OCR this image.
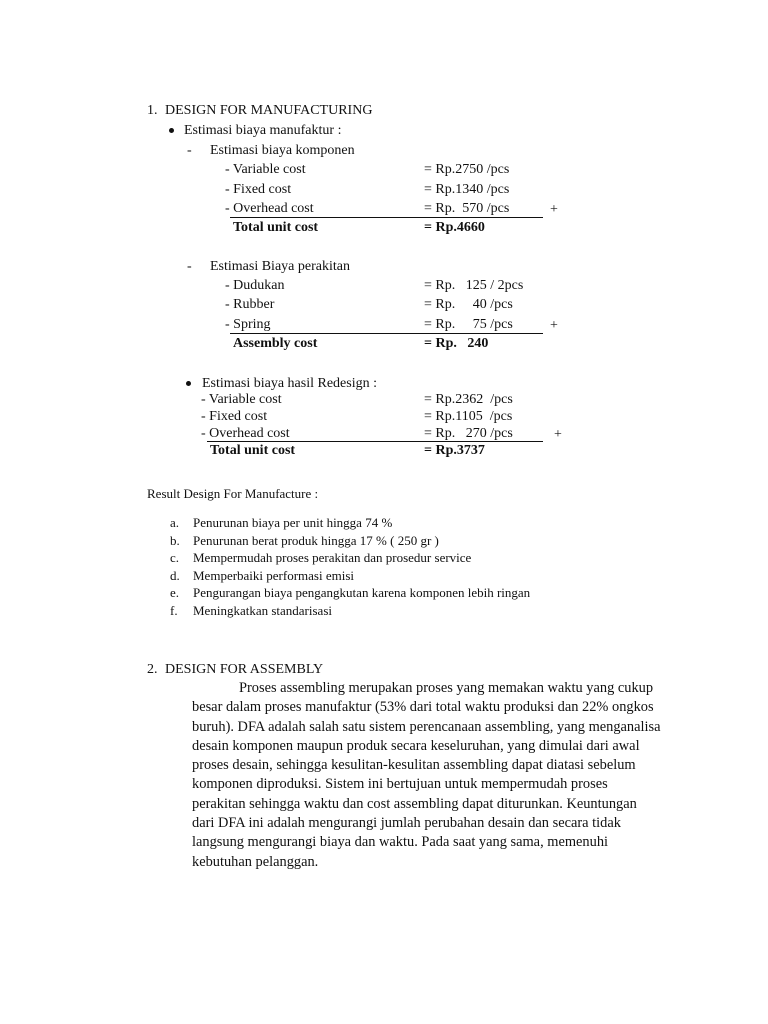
1. DESIGN FOR MANUFACTURING
Estimasi biaya manufaktur :
- Estimasi biaya komponen
- Variable cost	= Rp.2750 /pcs
- Fixed cost	= Rp.1340 /pcs
- Overhead cost	= Rp.  570 /pcs	+
Total unit cost	= Rp.4660
- Estimasi Biaya perakitan
- Dudukan	= Rp.   125 / 2pcs
- Rubber	= Rp.     40 /pcs
- Spring	= Rp.     75 /pcs	+
Assembly cost	= Rp.   240
Estimasi biaya hasil Redesign :
- Variable cost	= Rp.2362  /pcs
- Fixed cost	= Rp.1105  /pcs
- Overhead cost	= Rp.   270 /pcs	+
Total unit cost	= Rp.3737
Result Design For Manufacture :
a. Penurunan biaya per unit hingga 74 %
b. Penurunan berat produk hingga 17 % ( 250 gr )
c. Mempermudah proses perakitan dan prosedur service
d. Memperbaiki performasi emisi
e. Pengurangan biaya pengangkutan karena komponen lebih ringan
f. Meningkatkan standarisasi
2. DESIGN FOR ASSEMBLY
Proses assembling merupakan proses yang memakan waktu yang cukup besar dalam proses manufaktur (53% dari total waktu produksi dan 22% ongkos buruh). DFA adalah salah satu sistem perencanaan assembling, yang menganalisa desain komponen maupun produk secara keseluruhan, yang dimulai dari awal proses desain, sehingga kesulitan-kesulitan assembling dapat diatasi sebelum komponen diproduksi. Sistem ini bertujuan untuk mempermudah proses perakitan sehingga waktu dan cost assembling dapat diturunkan. Keuntungan dari DFA ini adalah mengurangi jumlah perubahan desain dan secara tidak langsung mengurangi biaya dan waktu. Pada saat yang sama, memenuhi kebutuhan pelanggan.
